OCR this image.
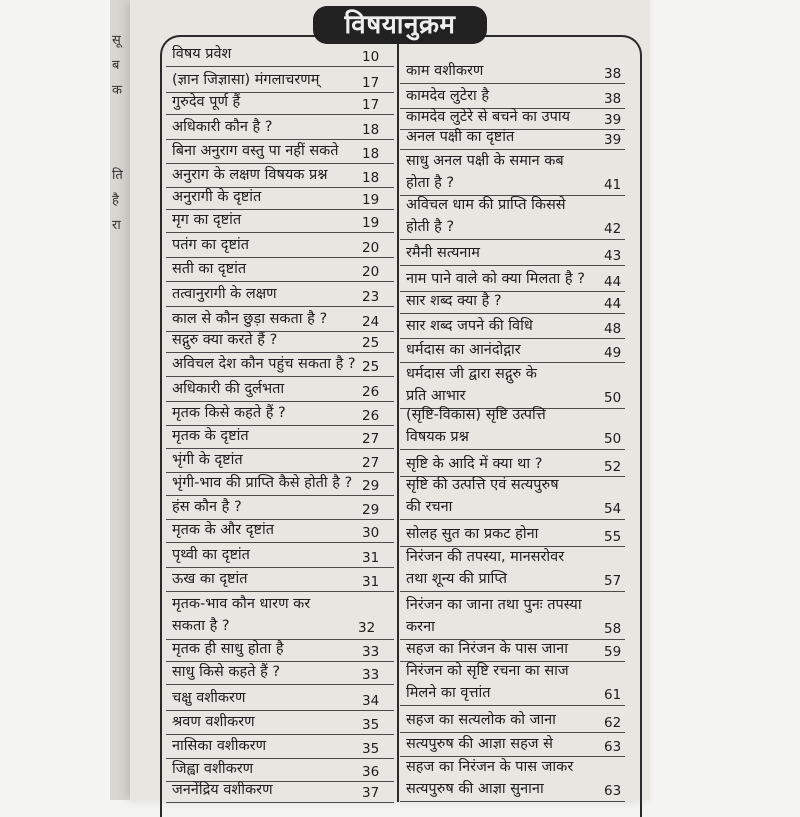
सू
ब
क
ति
है
रा
विषयानुक्रम
विषय प्रवेश	10
(ज्ञान जिज्ञासा) मंगलाचरणम्	17
गुरुदेव पूर्ण हैं	17
अधिकारी कौन है ?	18
बिना अनुराग वस्तु पा नहीं सकते 18
अनुराग के लक्षण विषयक प्रश्न	18
अनुरागी के दृष्टांत	19
मृग का दृष्टांत	19
पतंग का दृष्टांत	20
सती का दृष्टांत	20
तत्वानुरागी के लक्षण	23
काल से कौन छुड़ा सकता है ?	24
सद्गुरु क्या करते हैं ?	25
अविचल देश कौन पहुंच सकता है ? 25
अधिकारी की दुर्लभता	26
मृतक किसे कहते हैं ?	26
मृतक के दृष्टांत	27
भृंगी के दृष्टांत	27
भृंगी-भाव की प्राप्ति कैसे होती है ? 29
हंस कौन है ?	29
मृतक के और दृष्टांत	30
पृथ्वी का दृष्टांत	31
ऊख का दृष्टांत	31
मृतक-भाव कौन धारण कर
सकता है ?	32
मृतक ही साधु होता है	33
साधु किसे कहते हैं ?	33
चक्षु वशीकरण	34
श्रवण वशीकरण	35
नासिका वशीकरण	35
जिह्वा वशीकरण	36
जननेंद्रिय वशीकरण	37
काम वशीकरण	38
कामदेव लुटेरा है	38
कामदेव लुटेरे से बचने का उपाय	39
अनल पक्षी का दृष्टांत	39
साधु अनल पक्षी के समान कब
होता है ?	41
अविचल धाम की प्राप्ति किससे
होती है ?	42
रमैनी सत्यनाम	43
नाम पाने वाले को क्या मिलता है ? 44
सार शब्द क्या है ?	44
सार शब्द जपने की विधि	48
धर्मदास का आनंदोद्गार	49
धर्मदास जी द्वारा सद्गुरु के
प्रति आभार	50
(सृष्टि-विकास) सृष्टि उत्पत्ति
विषयक प्रश्न	50
सृष्टि के आदि में क्या था ?	52
सृष्टि की उत्पत्ति एवं सत्यपुरुष
की रचना	54
सोलह सुत का प्रकट होना	55
निरंजन की तपस्या, मानसरोवर
तथा शून्य की प्राप्ति	57
निरंजन का जाना तथा पुनः तपस्या
करना	58
सहज का निरंजन के पास जाना	59
निरंजन को सृष्टि रचना का साज
मिलने का वृत्तांत	61
सहज का सत्यलोक को जाना	62
सत्यपुरुष की आज्ञा सहज से	63
सहज का निरंजन के पास जाकर
सत्यपुरुष की आज्ञा सुनाना	63
